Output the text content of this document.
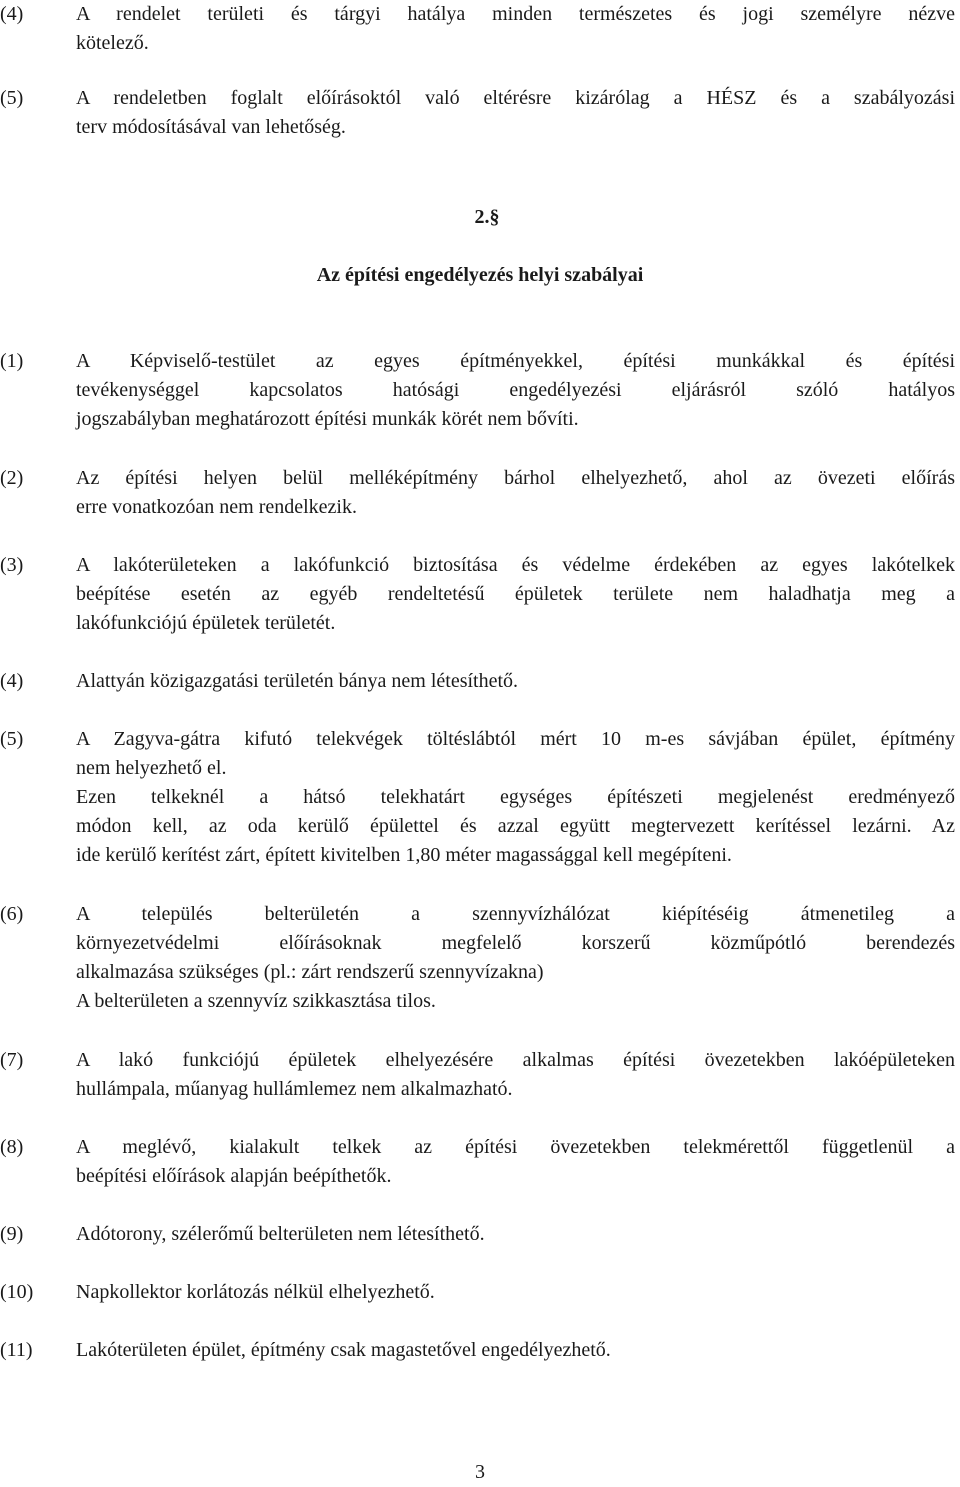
(4)	A rendelet területi és tárgyi hatálya minden természetes és jogi személyre nézve
kötelező.
(5)	A rendeletben foglalt előírásoktól való eltérésre kizárólag a HÉSZ és a szabályozási
terv módosításával van lehetőség.
2.§
Az építési engedélyezés helyi szabályai
(1)	A Képviselő-testület az egyes építményekkel, építési munkákkal és építési
tevékenységgel kapcsolatos hatósági engedélyezési eljárásról szóló hatályos
jogszabályban meghatározott építési munkák körét nem bővíti.
(2)	Az építési helyen belül melléképítmény bárhol elhelyezhető, ahol az övezeti előírás
erre vonatkozóan nem rendelkezik.
(3)	A lakóterületeken a lakófunkció biztosítása és védelme érdekében az egyes lakótelkek
beépítése esetén az egyéb rendeltetésű épületek területe nem haladhatja meg a
lakófunkciójú épületek területét.
(4)	Alattyán közigazgatási területén bánya nem létesíthető.
(5)	A Zagyva-gátra kifutó telekvégek töltéslábtól mért 10 m-es sávjában épület, építmény
nem helyezhető el.
Ezen telkeknél a hátsó telekhatárt egységes építészeti megjelenést eredményező
módon kell, az oda kerülő épülettel és azzal együtt megtervezett kerítéssel lezárni. Az
ide kerülő kerítést zárt, épített kivitelben 1,80 méter magassággal kell megépíteni.
(6)	A település belterületén a szennyvízhálózat kiépítéséig átmenetileg a
környezetvédelmi előírásoknak megfelelő korszerű közműpótló berendezés
alkalmazása szükséges (pl.: zárt rendszerű szennyvízakna)
A belterületen a szennyvíz szikkasztása tilos.
(7)	A lakó funkciójú épületek elhelyezésére alkalmas építési övezetekben lakóépületeken
hullámpala, műanyag hullámlemez nem alkalmazható.
(8)	A meglévő, kialakult telkek az építési övezetekben telekmérettől függetlenül a
beépítési előírások alapján beépíthetők.
(9)	Adótorony, szélerőmű belterületen nem létesíthető.
(10)	Napkollektor korlátozás nélkül elhelyezhető.
(11)	Lakóterületen épület, építmény csak magastetővel engedélyezhető.
3
